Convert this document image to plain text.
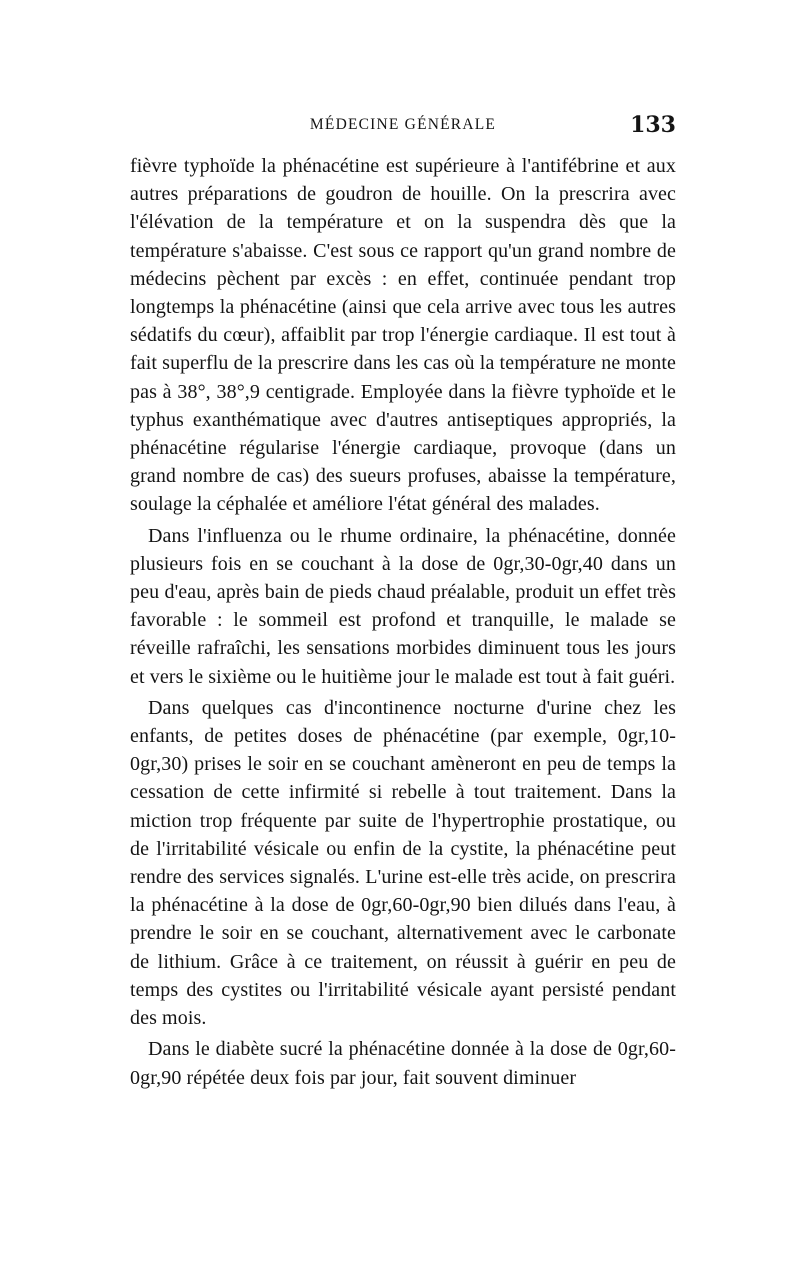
MÉDECINE GÉNÉRALE	133

fièvre typhoïde la phénacétine est supérieure à l'antifébrine et aux autres préparations de goudron de houille. On la prescrira avec l'élévation de la température et on la suspendra dès que la température s'abaisse. C'est sous ce rapport qu'un grand nombre de médecins pèchent par excès : en effet, continuée pendant trop longtemps la phénacétine (ainsi que cela arrive avec tous les autres sédatifs du cœur), affaiblit par trop l'énergie cardiaque. Il est tout à fait superflu de la prescrire dans les cas où la température ne monte pas à 38°, 38°,9 centigrade. Employée dans la fièvre typhoïde et le typhus exanthématique avec d'autres antiseptiques appropriés, la phénacétine régularise l'énergie cardiaque, provoque (dans un grand nombre de cas) des sueurs profuses, abaisse la température, soulage la céphalée et améliore l'état général des malades.

Dans l'influenza ou le rhume ordinaire, la phénacétine, donnée plusieurs fois en se couchant à la dose de 0gr,30-0gr,40 dans un peu d'eau, après bain de pieds chaud préalable, produit un effet très favorable : le sommeil est profond et tranquille, le malade se réveille rafraîchi, les sensations morbides diminuent tous les jours et vers le sixième ou le huitième jour le malade est tout à fait guéri.

Dans quelques cas d'incontinence nocturne d'urine chez les enfants, de petites doses de phénacétine (par exemple, 0gr,10-0gr,30) prises le soir en se couchant amèneront en peu de temps la cessation de cette infirmité si rebelle à tout traitement. Dans la miction trop fréquente par suite de l'hypertrophie prostatique, ou de l'irritabilité vésicale ou enfin de la cystite, la phénacétine peut rendre des services signalés. L'urine est-elle très acide, on prescrira la phénacétine à la dose de 0gr,60-0gr,90 bien dilués dans l'eau, à prendre le soir en se couchant, alternativement avec le carbonate de lithium. Grâce à ce traitement, on réussit à guérir en peu de temps des cystites ou l'irritabilité vésicale ayant persisté pendant des mois.

Dans le diabète sucré la phénacétine donnée à la dose de 0gr,60-0gr,90 répétée deux fois par jour, fait souvent diminuer
